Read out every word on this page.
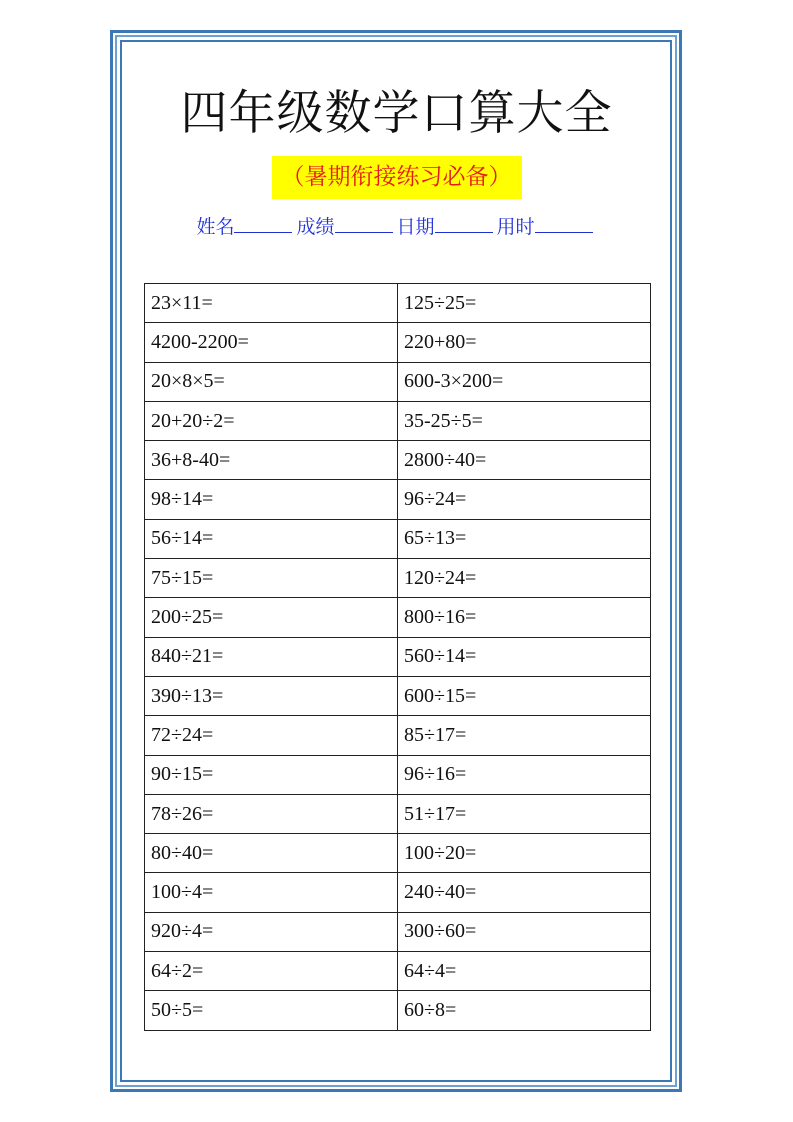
四年级数学口算大全
（暑期衔接练习必备）
姓名	成绩	日期	用时
23×11=	125÷25=
4200-2200=	220+80=
20×8×5=	600-3×200=
20+20÷2=	35-25÷5=
36+8-40=	2800÷40=
98÷14=	96÷24=
56÷14=	65÷13=
75÷15=	120÷24=
200÷25=	800÷16=
840÷21=	560÷14=
390÷13=	600÷15=
72÷24=	85÷17=
90÷15=	96÷16=
78÷26=	51÷17=
80÷40=	100÷20=
100÷4=	240÷40=
920÷4=	300÷60=
64÷2=	64÷4=
50÷5=	60÷8=
